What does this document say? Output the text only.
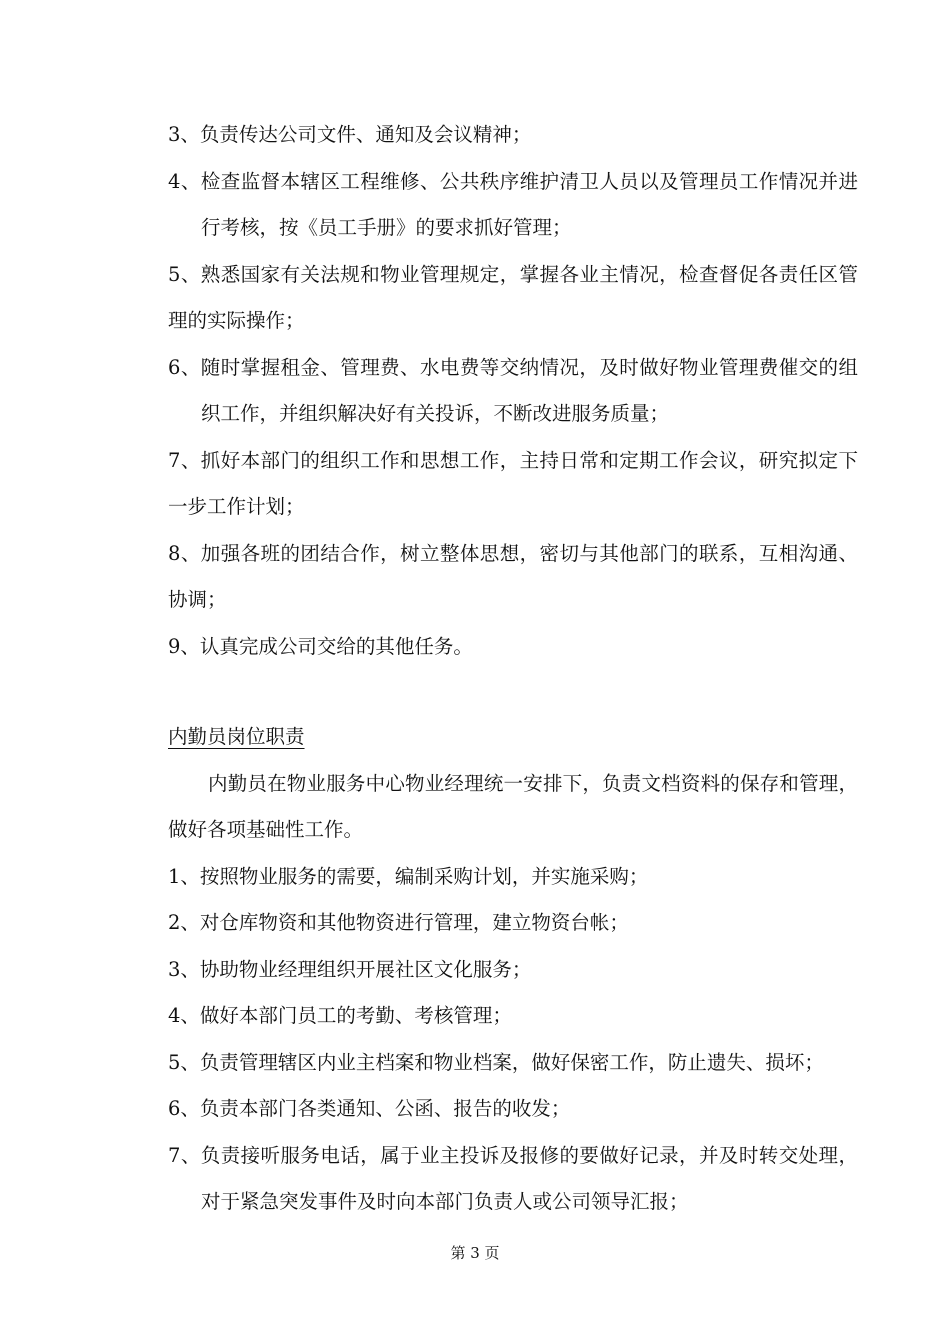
3、负责传达公司文件、通知及会议精神；

4、检查监督本辖区工程维修、公共秩序维护清卫人员以及管理员工作情况并进行考核，按《员工手册》的要求抓好管理；

5、熟悉国家有关法规和物业管理规定，掌握各业主情况，检查督促各责任区管理的实际操作；

6、随时掌握租金、管理费、水电费等交纳情况，及时做好物业管理费催交的组织工作，并组织解决好有关投诉，不断改进服务质量；

7、抓好本部门的组织工作和思想工作，主持日常和定期工作会议，研究拟定下一步工作计划；

8、加强各班的团结合作，树立整体思想，密切与其他部门的联系，互相沟通、协调；

9、认真完成公司交给的其他任务。

内勤员岗位职责

内勤员在物业服务中心物业经理统一安排下，负责文档资料的保存和管理，做好各项基础性工作。

1、按照物业服务的需要，编制采购计划，并实施采购；

2、对仓库物资和其他物资进行管理，建立物资台帐；

3、协助物业经理组织开展社区文化服务；

4、做好本部门员工的考勤、考核管理；

5、负责管理辖区内业主档案和物业档案，做好保密工作，防止遗失、损坏；

6、负责本部门各类通知、公函、报告的收发；

7、负责接听服务电话，属于业主投诉及报修的要做好记录，并及时转交处理，对于紧急突发事件及时向本部门负责人或公司领导汇报；

第 3 页
